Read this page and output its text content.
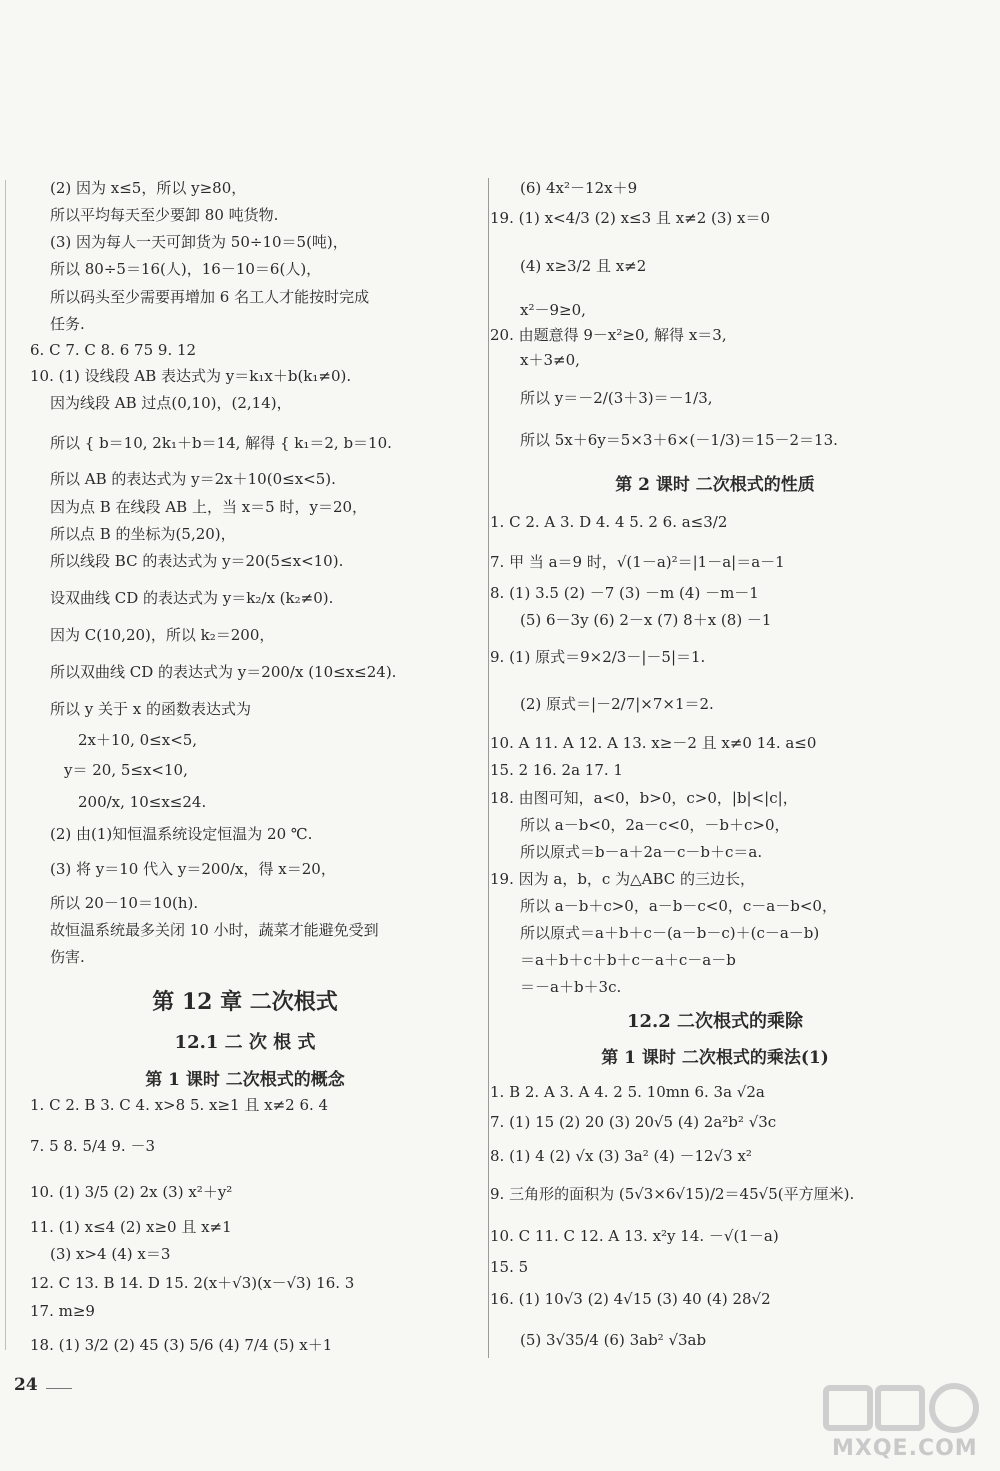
(2) 因为 x≤5，所以 y≥80，
所以平均每天至少要卸 80 吨货物.
(3) 因为每人一天可卸货为 50÷10＝5(吨)，
所以 80÷5＝16(人)，16－10＝6(人)，
所以码头至少需要再增加 6 名工人才能按时完成
任务.
6. C 7. C 8. 6 75 9. 12
10. (1) 设线段 AB 表达式为 y＝k₁x＋b(k₁≠0).
因为线段 AB 过点(0,10)，(2,14)，
所以 { b＝10, 2k₁＋b＝14, 解得 { k₁＝2, b＝10.
所以 AB 的表达式为 y＝2x＋10(0≤x<5).
因为点 B 在线段 AB 上，当 x＝5 时，y＝20，
所以点 B 的坐标为(5,20)，
所以线段 BC 的表达式为 y＝20(5≤x<10).
设双曲线 CD 的表达式为 y＝k₂/x (k₂≠0).
因为 C(10,20)，所以 k₂＝200，
所以双曲线 CD 的表达式为 y＝200/x (10≤x≤24).
所以 y 关于 x 的函数表达式为
2x＋10, 0≤x<5,
y＝ 20, 5≤x<10,
200/x, 10≤x≤24.
(2) 由(1)知恒温系统设定恒温为 20 ℃.
(3) 将 y＝10 代入 y＝200/x，得 x＝20，
所以 20－10＝10(h).
故恒温系统最多关闭 10 小时，蔬菜才能避免受到
伤害.
1. C 2. B 3. C 4. x>8 5. x≥1 且 x≠2 6. 4
7. 5 8. 5/4 9. －3
10. (1) 3/5 (2) 2x (3) x²＋y²
11. (1) x≤4 (2) x≥0 且 x≠1
(3) x>4 (4) x＝3
12. C 13. B 14. D 15. 2(x＋√3)(x－√3) 16. 3
17. m≥9
18. (1) 3/2 (2) 45 (3) 5/6 (4) 7/4 (5) x＋1
第 12 章 二次根式
12.1 二 次 根 式
第 1 课时 二次根式的概念
(6) 4x²－12x＋9
19. (1) x<4/3 (2) x≤3 且 x≠2 (3) x＝0
(4) x≥3/2 且 x≠2
x²－9≥0,
20. 由题意得 9－x²≥0, 解得 x＝3,
x＋3≠0,
所以 y＝－2/(3＋3)＝－1/3,
所以 5x＋6y＝5×3＋6×(－1/3)＝15－2＝13.
1. C 2. A 3. D 4. 4 5. 2 6. a≤3/2
7. 甲 当 a＝9 时，√(1－a)²＝|1－a|＝a－1
8. (1) 3.5 (2) －7 (3) －m (4) －m－1
(5) 6－3y (6) 2－x (7) 8＋x (8) －1
9. (1) 原式＝9×2/3－|－5|＝1.
(2) 原式＝|－2/7|×7×1＝2.
10. A 11. A 12. A 13. x≥－2 且 x≠0 14. a≤0
15. 2 16. 2a 17. 1
18. 由图可知，a<0，b>0，c>0，|b|<|c|，
所以 a－b<0，2a－c<0，－b＋c>0，
所以原式＝b－a＋2a－c－b＋c＝a.
19. 因为 a，b，c 为△ABC 的三边长，
所以 a－b＋c>0，a－b－c<0，c－a－b<0，
所以原式＝a＋b＋c－(a－b－c)＋(c－a－b)
＝a＋b＋c＋b＋c－a＋c－a－b
＝－a＋b＋3c.
1. B 2. A 3. A 4. 2 5. 10mn 6. 3a √2a
7. (1) 15 (2) 20 (3) 20√5 (4) 2a²b² √3c
8. (1) 4 (2) √x (3) 3a² (4) －12√3 x²
9. 三角形的面积为 (5√3×6√15)/2＝45√5(平方厘米).
10. C 11. C 12. A 13. x²y 14. －√(1－a)
15. 5
16. (1) 10√3 (2) 4√15 (3) 40 (4) 28√2
(5) 3√35/4 (6) 3ab² √3ab
第 2 课时 二次根式的性质
12.2 二次根式的乘除
第 1 课时 二次根式的乘法(1)
24
MXQE.COM
